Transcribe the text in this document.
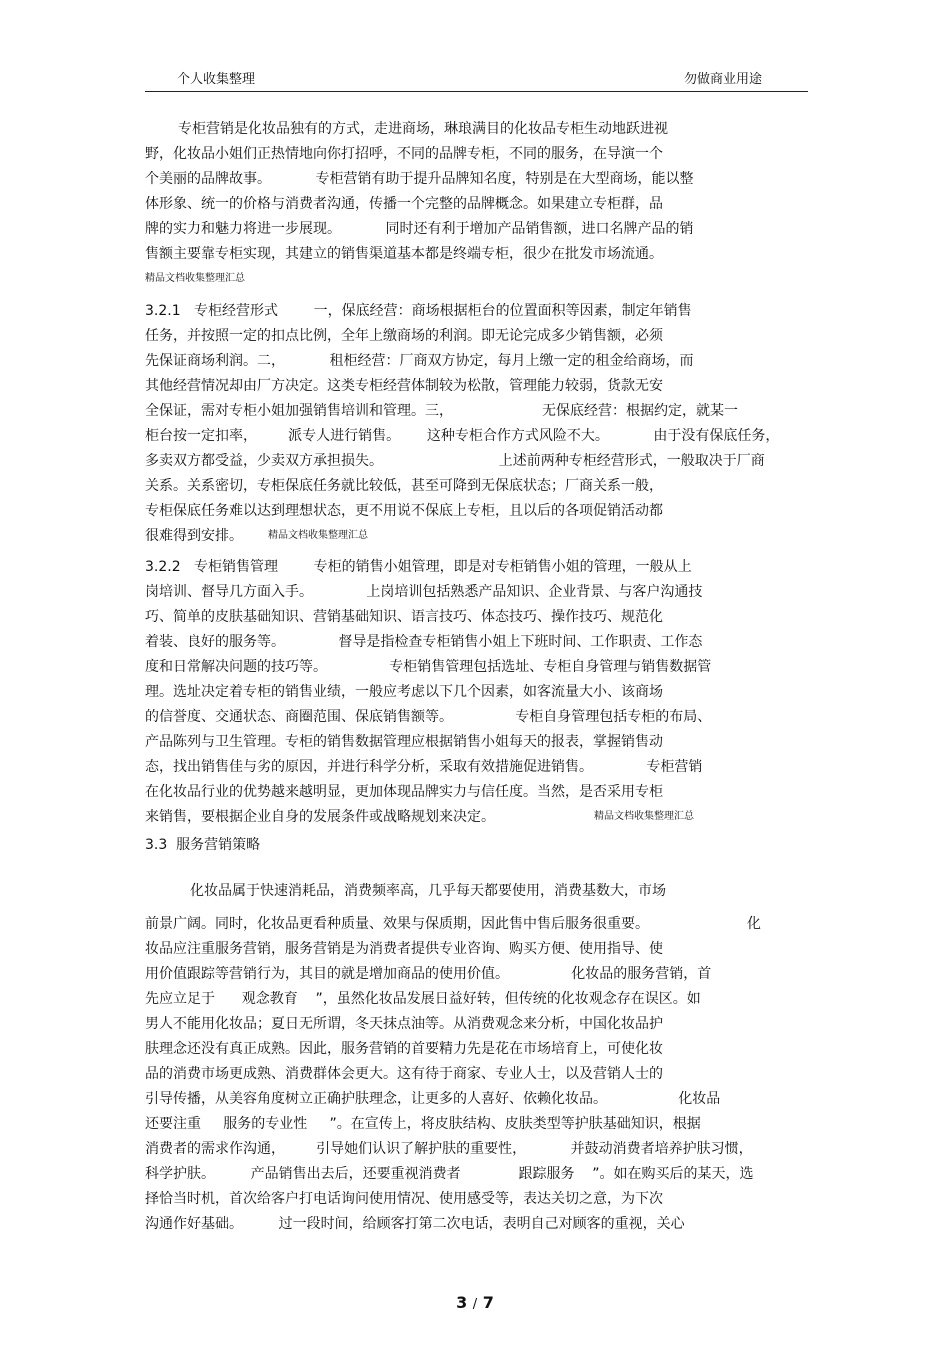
个人收集整理	勿做商业用途
专柜营销是化妆品独有的方式，走进商场，琳琅满目的化妆品专柜生动地跃进视
野，化妆品小姐们正热情地向你打招呼，不同的品牌专柜，不同的服务，在导演一个
个美丽的品牌故事。          专柜营销有助于提升品牌知名度，特别是在大型商场，能以整
体形象、统一的价格与消费者沟通，传播一个完整的品牌概念。如果建立专柜群，品
牌的实力和魅力将进一步展现。          同时还有利于增加产品销售额，进口名牌产品的销
售额主要靠专柜实现，其建立的销售渠道基本都是终端专柜，很少在批发市场流通。
精品文档收集整理汇总
3.2.1   专柜经营形式        一，保底经营：商场根据柜台的位置面积等因素，制定年销售
任务，并按照一定的扣点比例，全年上缴商场的利润。即无论完成多少销售额，必须
先保证商场利润。二，          租柜经营：厂商双方协定，每月上缴一定的租金给商场，而
其他经营情况却由厂方决定。这类专柜经营体制较为松散，管理能力较弱，货款无安
全保证，需对专柜小姐加强销售培训和管理。三，                    无保底经营：根据约定，就某一
柜台按一定扣率，       派专人进行销售。      这种专柜合作方式风险不大。          由于没有保底任务，
多卖双方都受益，少卖双方承担损失。                          上述前两种专柜经营形式，一般取决于厂商
关系。关系密切，专柜保底任务就比较低，甚至可降到无保底状态；厂商关系一般，
专柜保底任务难以达到理想状态，更不用说不保底上专柜，且以后的各项促销活动都
很难得到安排。 精品文档收集整理汇总
3.2.2   专柜销售管理        专柜的销售小姐管理，即是对专柜销售小姐的管理，一般从上
岗培训、督导几方面入手。            上岗培训包括熟悉产品知识、企业背景、与客户沟通技
巧、简单的皮肤基础知识、营销基础知识、语言技巧、体态技巧、操作技巧、规范化
着装、良好的服务等。            督导是指检查专柜销售小姐上下班时间、工作职责、工作态
度和日常解决问题的技巧等。              专柜销售管理包括选址、专柜自身管理与销售数据管
理。选址决定着专柜的销售业绩，一般应考虑以下几个因素，如客流量大小、该商场
的信誉度、交通状态、商圈范围、保底销售额等。              专柜自身管理包括专柜的布局、
产品陈列与卫生管理。专柜的销售数据管理应根据销售小姐每天的报表，掌握销售动
态，找出销售佳与劣的原因，并进行科学分析，采取有效措施促进销售。            专柜营销
在化妆品行业的优势越来越明显，更加体现品牌实力与信任度。当然，是否采用专柜
来销售，要根据企业自身的发展条件或战略规划来决定。	精品文档收集整理汇总
3.3  服务营销策略
化妆品属于快速消耗品，消费频率高，几乎每天都要使用，消费基数大，市场
前景广阔。同时，化妆品更看种质量、效果与保质期，因此售中售后服务很重要。                      化
妆品应注重服务营销，服务营销是为消费者提供专业咨询、购买方便、使用指导、使
用价值跟踪等营销行为，其目的就是增加商品的使用价值。              化妆品的服务营销，首
先应立足于      观念教育    ”，虽然化妆品发展日益好转，但传统的化妆观念存在误区。如
男人不能用化妆品；夏日无所谓，冬天抹点油等。从消费观念来分析，中国化妆品护
肤理念还没有真正成熟。因此，服务营销的首要精力先是花在市场培育上，可使化妆
品的消费市场更成熟、消费群体会更大。这有待于商家、专业人士，以及营销人士的
引导传播，从美容角度树立正确护肤理念，让更多的人喜好、依赖化妆品。                化妆品
还要注重     服务的专业性     ”。在宣传上，将皮肤结构、皮肤类型等护肤基础知识，根据
消费者的需求作沟通，       引导她们认识了解护肤的重要性，          并鼓动消费者培养护肤习惯，
科学护肤。        产品销售出去后，还要重视消费者             跟踪服务    ”。如在购买后的某天，选
择恰当时机，首次给客户打电话询问使用情况、使用感受等，表达关切之意，为下次
沟通作好基础。        过一段时间，给顾客打第二次电话，表明自己对顾客的重视，关心
3 / 7
